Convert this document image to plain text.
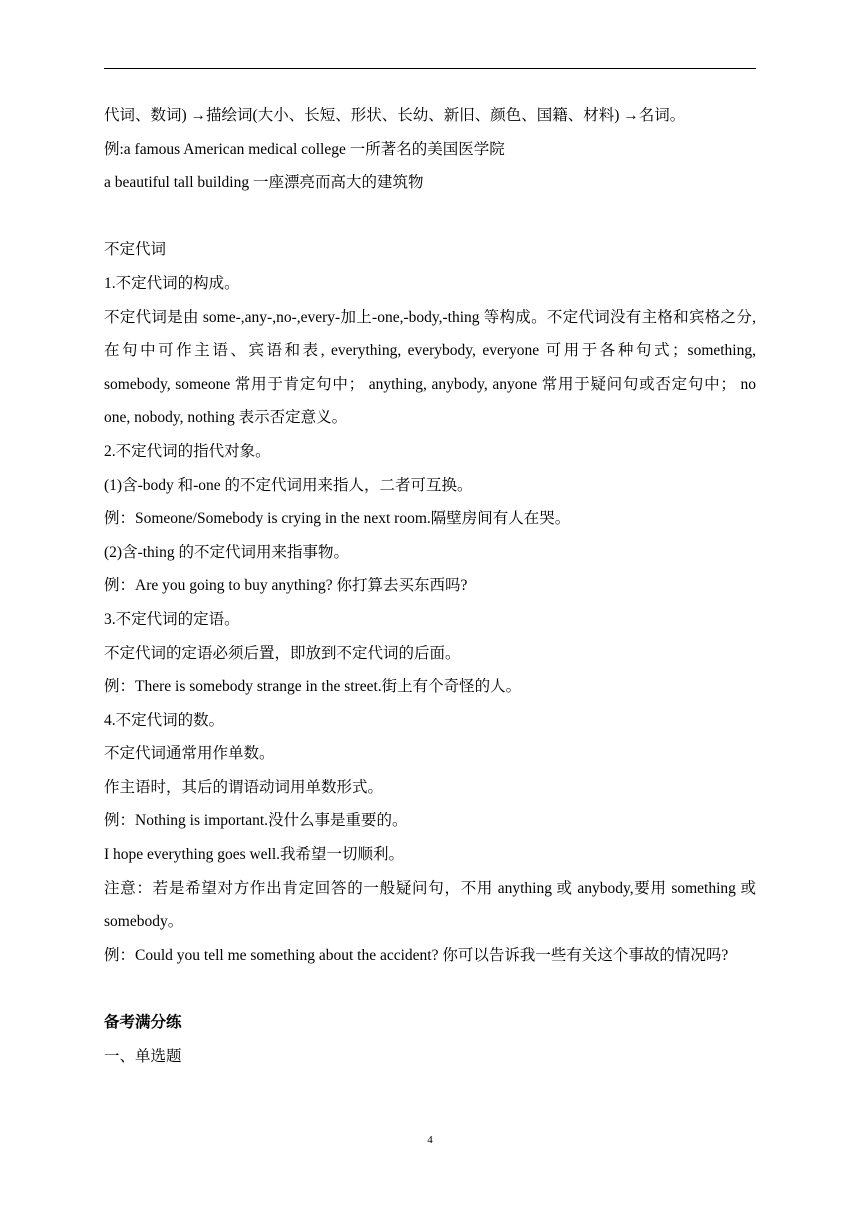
代词、数词) →描绘词(大小、长短、形状、长幼、新旧、颜色、国籍、材料) →名词。
例:a famous American medical college 一所著名的美国医学院
a beautiful tall building 一座漂亮而高大的建筑物
不定代词
1.不定代词的构成。
不定代词是由 some-,any-,no-,every-加上-one,-body,-thing 等构成。不定代词没有主格和宾格之分,在句中可作主语、宾语和表, everything, everybody, everyone 可用于各种句式；something, somebody, someone 常用于肯定句中； anything, anybody, anyone 常用于疑问句或否定句中； no one, nobody, nothing 表示否定意义。
2.不定代词的指代对象。
(1)含-body 和-one 的不定代词用来指人，二者可互换。
例：Someone/Somebody is crying in the next room.隔壁房间有人在哭。
(2)含-thing 的不定代词用来指事物。
例：Are you going to buy anything? 你打算去买东西吗?
3.不定代词的定语。
不定代词的定语必须后置，即放到不定代词的后面。
例：There is somebody strange in the street.街上有个奇怪的人。
4.不定代词的数。
不定代词通常用作单数。
作主语时，其后的谓语动词用单数形式。
例：Nothing is important.没什么事是重要的。
I hope everything goes well.我希望一切顺利。
注意：若是希望对方作出肯定回答的一般疑问句，不用 anything 或 anybody,要用 something 或 somebody。
例：Could you tell me something about the accident? 你可以告诉我一些有关这个事故的情况吗?
备考满分练
一、单选题
4
